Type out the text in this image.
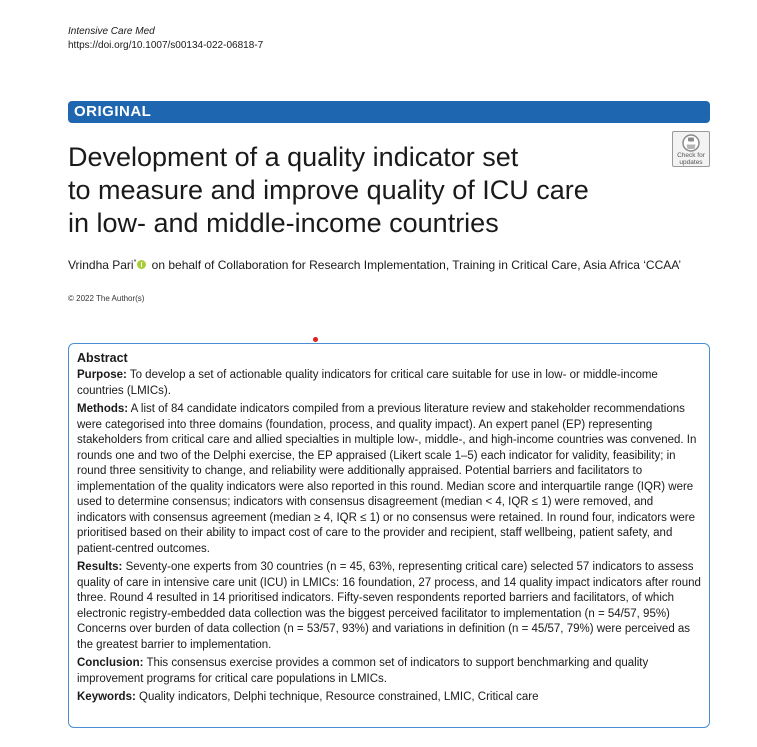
Intensive Care Med
https://doi.org/10.1007/s00134-022-06818-7
ORIGINAL
Check for
updates
Development of a quality indicator set
to measure and improve quality of ICU care
in low- and middle-income countries
Vrindha Pari* on behalf of Collaboration for Research Implementation, Training in Critical Care, Asia Africa ‘CCAA’
© 2022 The Author(s)
Abstract

Purpose: To develop a set of actionable quality indicators for critical care suitable for use in low- or middle-income countries (LMICs).

Methods: A list of 84 candidate indicators compiled from a previous literature review and stakeholder recommendations were categorised into three domains (foundation, process, and quality impact). An expert panel (EP) representing stakeholders from critical care and allied specialties in multiple low-, middle-, and high-income countries was convened. In rounds one and two of the Delphi exercise, the EP appraised (Likert scale 1–5) each indicator for validity, feasibility; in round three sensitivity to change, and reliability were additionally appraised. Potential barriers and facilitators to implementation of the quality indicators were also reported in this round. Median score and interquartile range (IQR) were used to determine consensus; indicators with consensus disagreement (median < 4, IQR ≤ 1) were removed, and indicators with consensus agreement (median ≥ 4, IQR ≤ 1) or no consensus were retained. In round four, indicators were prioritised based on their ability to impact cost of care to the provider and recipient, staff wellbeing, patient safety, and patient-centred outcomes.

Results: Seventy-one experts from 30 countries (n = 45, 63%, representing critical care) selected 57 indicators to assess quality of care in intensive care unit (ICU) in LMICs: 16 foundation, 27 process, and 14 quality impact indicators after round three. Round 4 resulted in 14 prioritised indicators. Fifty-seven respondents reported barriers and facilitators, of which electronic registry-embedded data collection was the biggest perceived facilitator to implementation (n = 54/57, 95%) Concerns over burden of data collection (n = 53/57, 93%) and variations in definition (n = 45/57, 79%) were perceived as the greatest barrier to implementation.

Conclusion: This consensus exercise provides a common set of indicators to support benchmarking and quality improvement programs for critical care populations in LMICs.

Keywords: Quality indicators, Delphi technique, Resource constrained, LMIC, Critical care
